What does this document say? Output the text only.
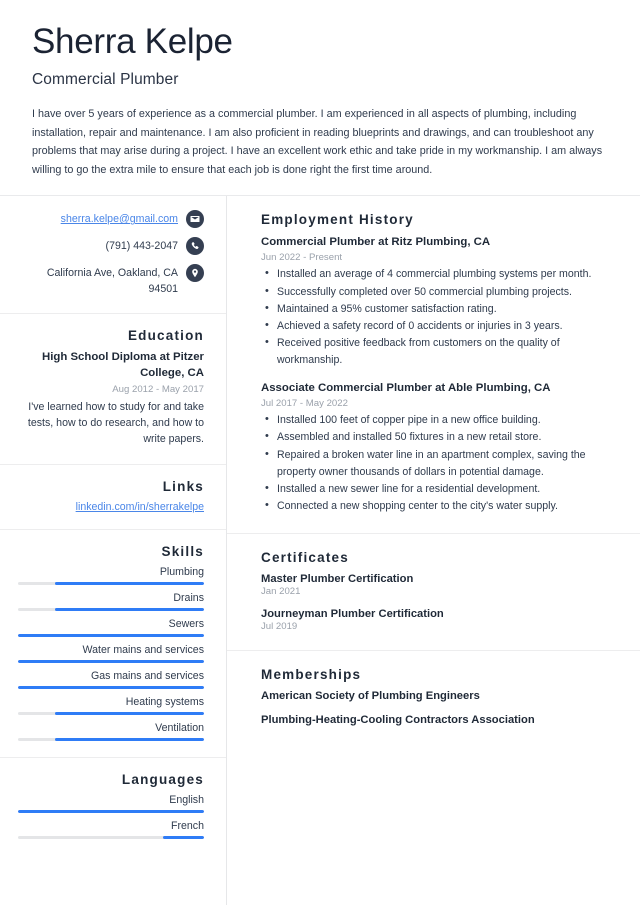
Sherra Kelpe
Commercial Plumber
I have over 5 years of experience as a commercial plumber. I am experienced in all aspects of plumbing, including installation, repair and maintenance. I am also proficient in reading blueprints and drawings, and can troubleshoot any problems that may arise during a project. I have an excellent work ethic and take pride in my workmanship. I am always willing to go the extra mile to ensure that each job is done right the first time around.
sherra.kelpe@gmail.com
(791) 443-2047
California Ave, Oakland, CA 94501
Education
High School Diploma at Pitzer College, CA
Aug 2012 - May 2017
I've learned how to study for and take tests, how to do research, and how to write papers.
Links
linkedin.com/in/sherrakelpe
Skills
Plumbing
Drains
Sewers
Water mains and services
Gas mains and services
Heating systems
Ventilation
Languages
English
French
Employment History
Commercial Plumber at Ritz Plumbing, CA
Jun 2022 - Present
• Installed an average of 4 commercial plumbing systems per month.
• Successfully completed over 50 commercial plumbing projects.
• Maintained a 95% customer satisfaction rating.
• Achieved a safety record of 0 accidents or injuries in 3 years.
• Received positive feedback from customers on the quality of workmanship.
Associate Commercial Plumber at Able Plumbing, CA
Jul 2017 - May 2022
• Installed 100 feet of copper pipe in a new office building.
• Assembled and installed 50 fixtures in a new retail store.
• Repaired a broken water line in an apartment complex, saving the property owner thousands of dollars in potential damage.
• Installed a new sewer line for a residential development.
• Connected a new shopping center to the city's water supply.
Certificates
Master Plumber Certification
Jan 2021
Journeyman Plumber Certification
Jul 2019
Memberships
American Society of Plumbing Engineers
Plumbing-Heating-Cooling Contractors Association
